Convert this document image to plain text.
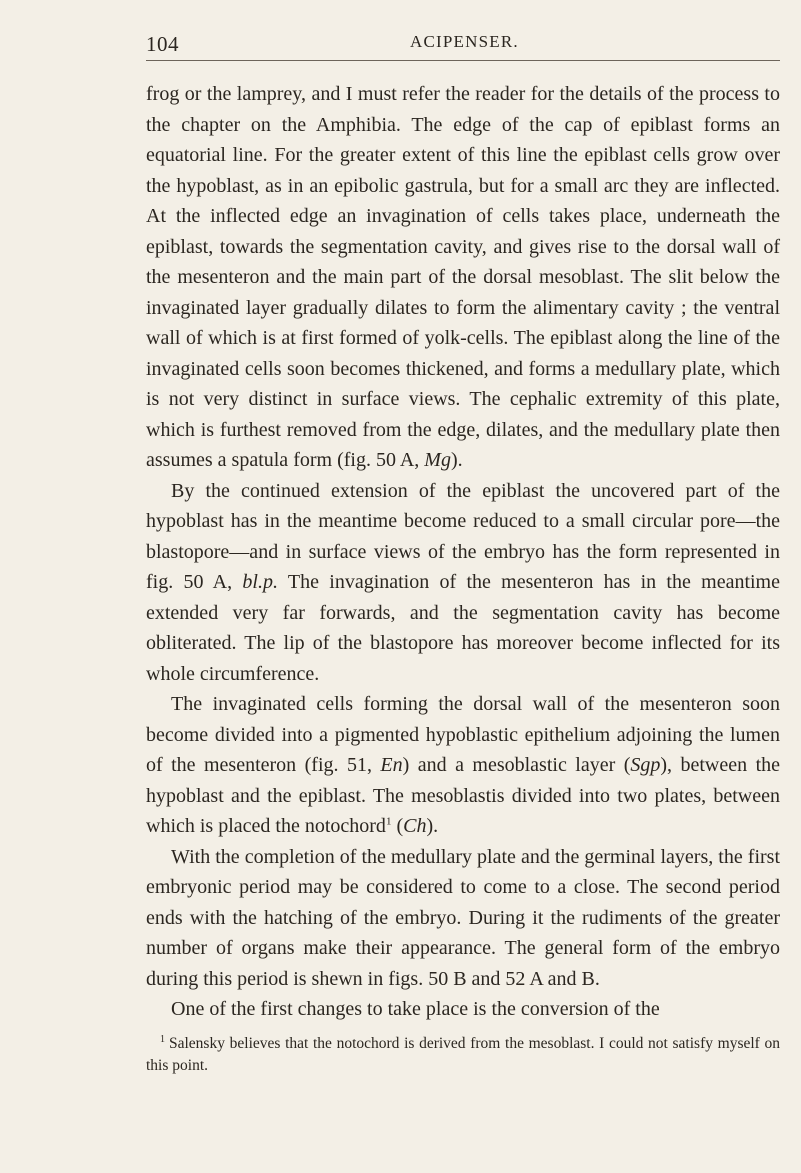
104	ACIPENSER.

frog or the lamprey, and I must refer the reader for the details of the process to the chapter on the Amphibia. The edge of the cap of epiblast forms an equatorial line. For the greater extent of this line the epiblast cells grow over the hypoblast, as in an epibolic gastrula, but for a small arc they are inflected. At the inflected edge an invagination of cells takes place, underneath the epiblast, towards the segmentation cavity, and gives rise to the dorsal wall of the mesenteron and the main part of the dorsal mesoblast. The slit below the invaginated layer gradually dilates to form the alimentary cavity ; the ventral wall of which is at first formed of yolk-cells. The epiblast along the line of the invaginated cells soon becomes thickened, and forms a medullary plate, which is not very distinct in surface views. The cephalic extremity of this plate, which is furthest removed from the edge, dilates, and the medullary plate then assumes a spatula form (fig. 50 A, Mg).

By the continued extension of the epiblast the uncovered part of the hypoblast has in the meantime become reduced to a small circular pore—the blastopore—and in surface views of the embryo has the form represented in fig. 50 A, bl.p. The invagination of the mesenteron has in the meantime extended very far forwards, and the segmentation cavity has become obliterated. The lip of the blastopore has moreover become inflected for its whole circumference.

The invaginated cells forming the dorsal wall of the mesenteron soon become divided into a pigmented hypoblastic epithelium adjoining the lumen of the mesenteron (fig. 51, En) and a mesoblastic layer (Sgp), between the hypoblast and the epiblast. The mesoblastis divided into two plates, between which is placed the notochord$^1$ (Ch).

With the completion of the medullary plate and the germinal layers, the first embryonic period may be considered to come to a close. The second period ends with the hatching of the embryo. During it the rudiments of the greater number of organs make their appearance. The general form of the embryo during this period is shewn in figs. 50 B and 52 A and B.

One of the first changes to take place is the conversion of the

$^1$ Salensky believes that the notochord is derived from the mesoblast. I could not satisfy myself on this point.
